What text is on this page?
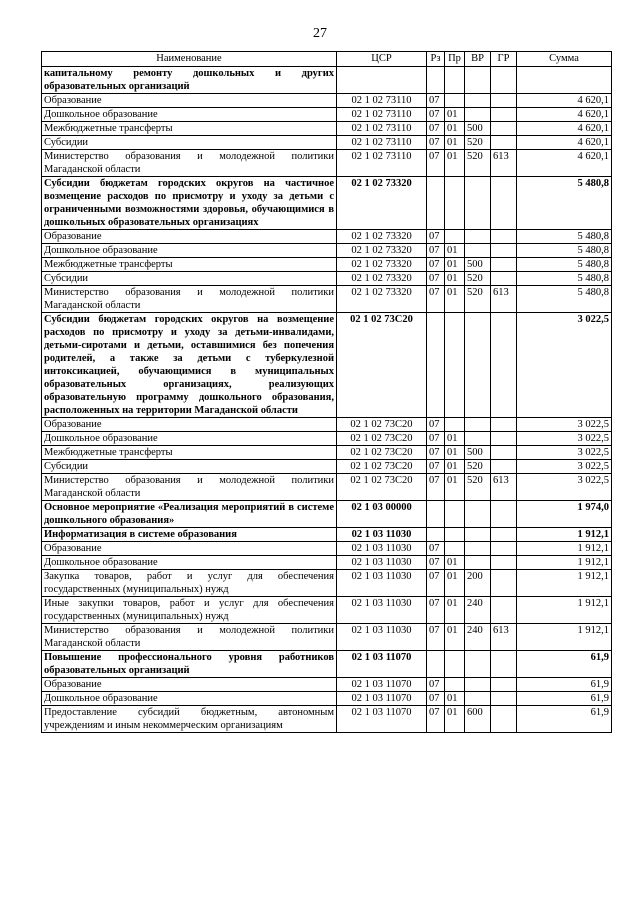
27
Наименование	ЦСР	Рз	Пр	ВР	ГР	Сумма
капитальному ремонту дошкольных и других образовательных организаций						
Образование	02 1 02 73110	07				4 620,1
Дошкольное образование	02 1 02 73110	07	01			4 620,1
Межбюджетные трансферты	02 1 02 73110	07	01	500		4 620,1
Субсидии	02 1 02 73110	07	01	520		4 620,1
Министерство образования и молодежной политики Магаданской области	02 1 02 73110	07	01	520	613	4 620,1
Субсидии бюджетам городских округов на частичное возмещение расходов по присмотру и уходу за детьми с ограниченными возможностями здоровья, обучающимися в дошкольных образовательных организациях	02 1 02 73320					5 480,8
Образование	02 1 02 73320	07				5 480,8
Дошкольное образование	02 1 02 73320	07	01			5 480,8
Межбюджетные трансферты	02 1 02 73320	07	01	500		5 480,8
Субсидии	02 1 02 73320	07	01	520		5 480,8
Министерство образования и молодежной политики Магаданской области	02 1 02 73320	07	01	520	613	5 480,8
Субсидии бюджетам городских округов на возмещение расходов по присмотру и уходу за детьми-инвалидами, детьми-сиротами и детьми, оставшимися без попечения родителей, а также за детьми с туберкулезной интоксикацией, обучающимися в муниципальных образовательных организациях, реализующих образовательную программу дошкольного образования, расположенных на территории Магаданской области	02 1 02 73С20					3 022,5
Образование	02 1 02 73С20	07				3 022,5
Дошкольное образование	02 1 02 73С20	07	01			3 022,5
Межбюджетные трансферты	02 1 02 73С20	07	01	500		3 022,5
Субсидии	02 1 02 73С20	07	01	520		3 022,5
Министерство образования и молодежной политики Магаданской области	02 1 02 73С20	07	01	520	613	3 022,5
Основное мероприятие «Реализация мероприятий в системе дошкольного образования»	02 1 03 00000					1 974,0
Информатизация в системе образования	02 1 03 11030					1 912,1
Образование	02 1 03 11030	07				1 912,1
Дошкольное образование	02 1 03 11030	07	01			1 912,1
Закупка товаров, работ и услуг для обеспечения государственных (муниципальных) нужд	02 1 03 11030	07	01	200		1 912,1
Иные закупки товаров, работ и услуг для обеспечения государственных (муниципальных) нужд	02 1 03 11030	07	01	240		1 912,1
Министерство образования и молодежной политики Магаданской области	02 1 03 11030	07	01	240	613	1 912,1
Повышение профессионального уровня работников образовательных организаций	02 1 03 11070					61,9
Образование	02 1 03 11070	07				61,9
Дошкольное образование	02 1 03 11070	07	01			61,9
Предоставление субсидий бюджетным, автономным учреждениям и иным некоммерческим организациям	02 1 03 11070	07	01	600		61,9
